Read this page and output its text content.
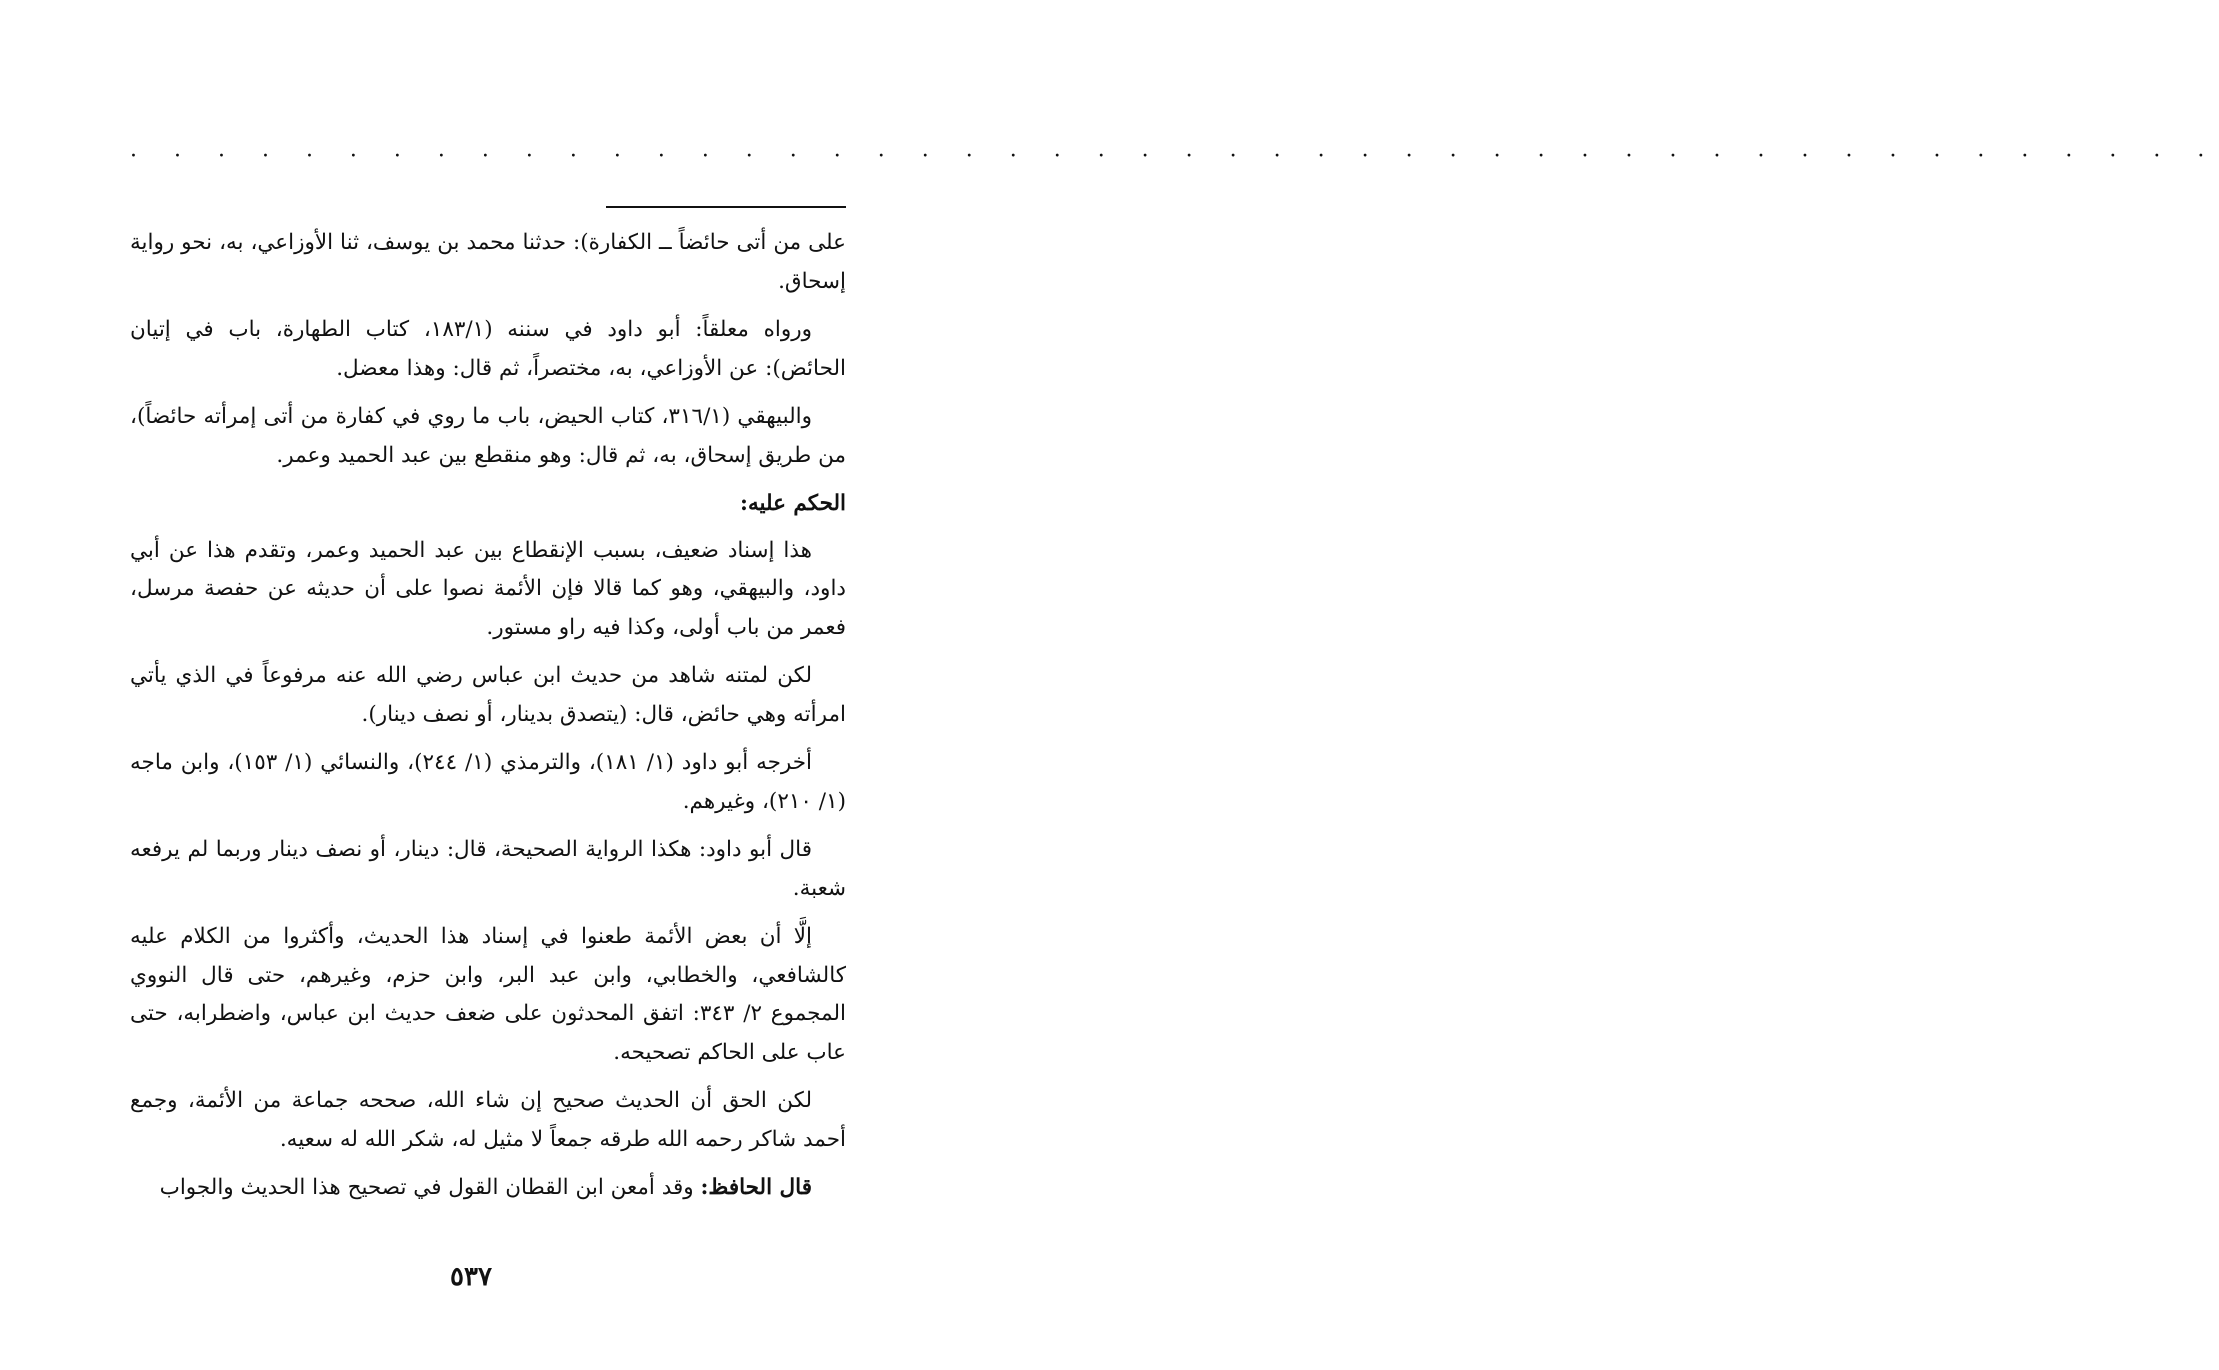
· · · · · · · · · · · · · · · · · · · · · · · · · · · · · · · · · · · · · · · · · · · · · · · ·

على من أتى حائضاً ــ الكفارة): حدثنا محمد بن يوسف، ثنا الأوزاعي، به، نحو رواية إسحاق.

ورواه معلقاً: أبو داود في سننه (١٨٣/١، كتاب الطهارة، باب في إتيان الحائض): عن الأوزاعي، به، مختصراً، ثم قال: وهذا معضل.

والبيهقي (٣١٦/١، كتاب الحيض، باب ما روي في كفارة من أتى إمرأته حائضاً)، من طريق إسحاق، به، ثم قال: وهو منقطع بين عبد الحميد وعمر.

الحكم عليه:

هذا إسناد ضعيف، بسبب الإنقطاع بين عبد الحميد وعمر، وتقدم هذا عن أبي داود، والبيهقي، وهو كما قالا فإن الأئمة نصوا على أن حديثه عن حفصة مرسل، فعمر من باب أولى، وكذا فيه راو مستور.

لكن لمتنه شاهد من حديث ابن عباس رضي الله عنه مرفوعاً في الذي يأتي امرأته وهي حائض، قال: (يتصدق بدينار، أو نصف دينار).

أخرجه أبو داود (١/ ١٨١)، والترمذي (١/ ٢٤٤)، والنسائي (١/ ١٥٣)، وابن ماجه (١/ ٢١٠)، وغيرهم.

قال أبو داود: هكذا الرواية الصحيحة، قال: دينار، أو نصف دينار وربما لم يرفعه شعبة.

إلَّا أن بعض الأئمة طعنوا في إسناد هذا الحديث، وأكثروا من الكلام عليه كالشافعي، والخطابي، وابن عبد البر، وابن حزم، وغيرهم، حتى قال النووي المجموع ٢/ ٣٤٣: اتفق المحدثون على ضعف حديث ابن عباس، واضطرابه، حتى عاب على الحاكم تصحيحه.

لكن الحق أن الحديث صحيح إن شاء الله، صححه جماعة من الأئمة، وجمع أحمد شاكر رحمه الله طرقه جمعاً لا مثيل له، شكر الله له سعيه.

قال الحافظ: وقد أمعن ابن القطان القول في تصحيح هذا الحديث والجواب

٥٣٧
